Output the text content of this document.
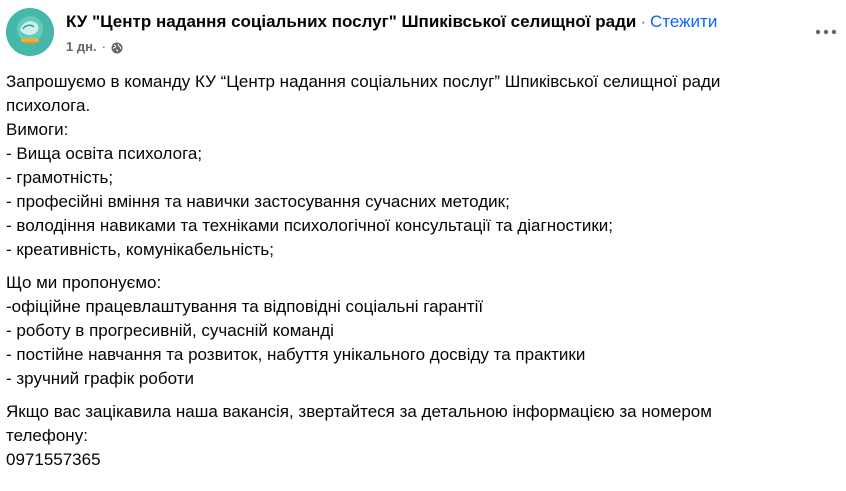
КУ "Центр надання соціальних послуг" Шпиківської селищної ради · Стежити
1 дн. ·
Запрошуємо в команду КУ “Центр надання соціальних послуг” Шпиківської селищної ради психолога.
Вимоги:
- Вища освіта психолога;
- грамотність;
- професійні вміння та навички застосування сучасних методик;
- володіння навиками та техніками психологічної консультації та діагностики;
- креативність, комунікабельність;
Що ми пропонуємо:
-офіційне працевлаштування та відповідні соціальні гарантії
- роботу в прогресивній, сучасній команді
- постійне навчання та розвиток, набуття унікального досвіду та практики
- зручний графік роботи
Якщо вас зацікавила наша вакансія, звертайтеся за детальною інформацією за номером телефону:
0971557365
